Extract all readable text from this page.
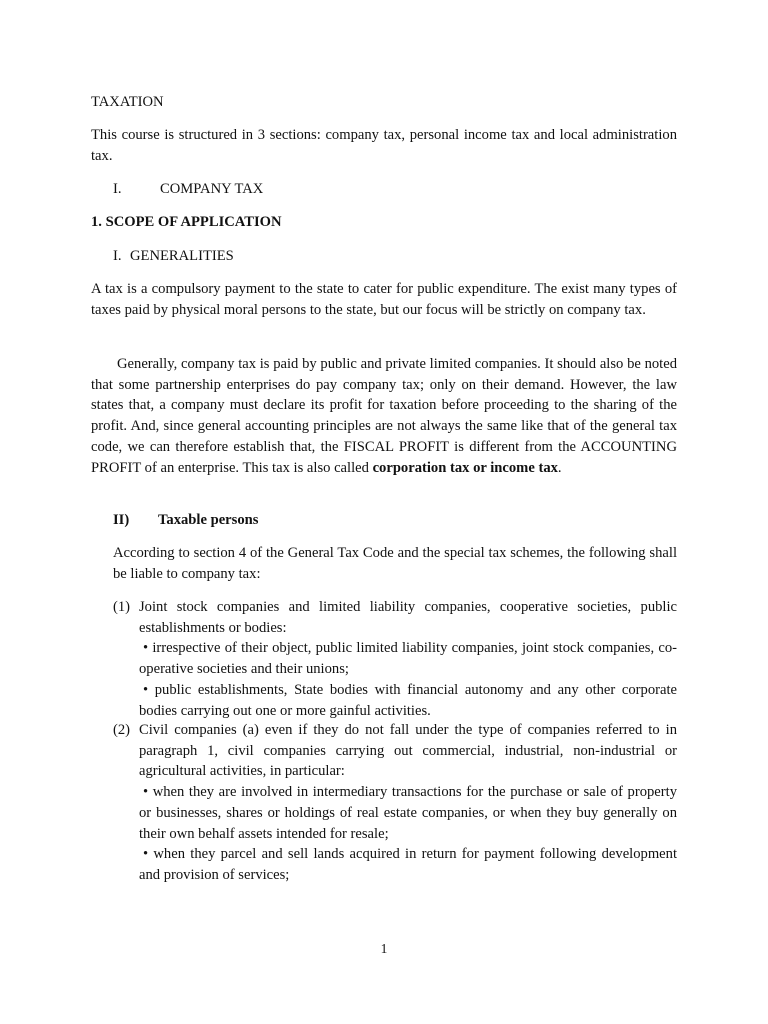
TAXATION

This course is structured in 3 sections: company tax, personal income tax and local administration tax.

I.	COMPANY TAX

1. SCOPE OF APPLICATION

I. GENERALITIES

A tax is a compulsory payment to the state to cater for public expenditure. The exist many types of taxes paid by physical moral persons to the state, but our focus will be strictly on company tax.

Generally, company tax is paid by public and private limited companies. It should also be noted that some partnership enterprises do pay company tax; only on their demand. However, the law states that, a company must declare its profit for taxation before proceeding to the sharing of the profit. And, since general accounting principles are not always the same like that of the general tax code, we can therefore establish that, the FISCAL PROFIT is different from the ACCOUNTING PROFIT of an enterprise. This tax is also called corporation tax or income tax.

II) Taxable persons

According to section 4 of the General Tax Code and the special tax schemes, the following shall be liable to company tax:

(1) Joint stock companies and limited liability companies, cooperative societies, public establishments or bodies:

• irrespective of their object, public limited liability companies, joint stock companies, co-operative societies and their unions;

• public establishments, State bodies with financial autonomy and any other corporate bodies carrying out one or more gainful activities.

(2) Civil companies (a) even if they do not fall under the type of companies referred to in paragraph 1, civil companies carrying out commercial, industrial, non-industrial or agricultural activities, in particular:

• when they are involved in intermediary transactions for the purchase or sale of property or businesses, shares or holdings of real estate companies, or when they buy generally on their own behalf assets intended for resale;

• when they parcel and sell lands acquired in return for payment following development and provision of services;

1
